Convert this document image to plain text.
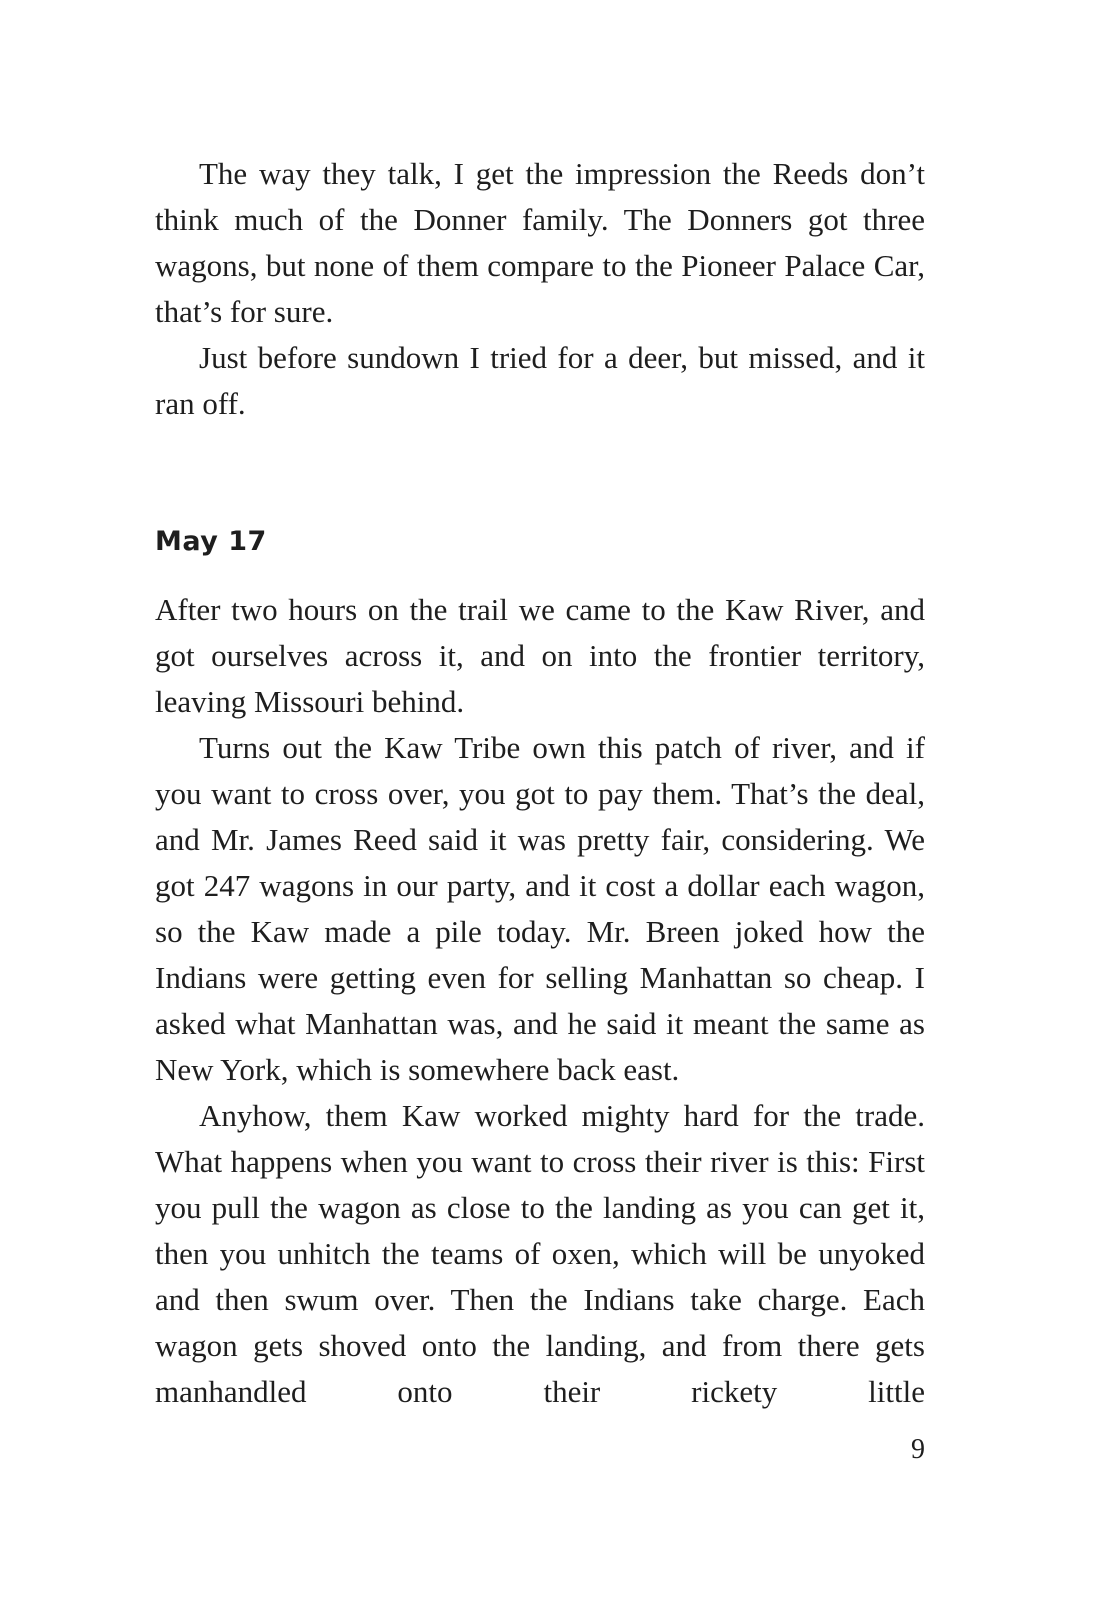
The way they talk, I get the impression the Reeds don’t think much of the Donner family. The Donners got three wagons, but none of them compare to the Pioneer Palace Car, that’s for sure.

Just before sundown I tried for a deer, but missed, and it ran off.

May 17

After two hours on the trail we came to the Kaw River, and got ourselves across it, and on into the frontier territory, leaving Missouri behind.

Turns out the Kaw Tribe own this patch of river, and if you want to cross over, you got to pay them. That’s the deal, and Mr. James Reed said it was pretty fair, considering. We got 247 wagons in our party, and it cost a dollar each wagon, so the Kaw made a pile today. Mr. Breen joked how the Indians were getting even for selling Manhattan so cheap. I asked what Manhattan was, and he said it meant the same as New York, which is somewhere back east.

Anyhow, them Kaw worked mighty hard for the trade. What happens when you want to cross their river is this: First you pull the wagon as close to the landing as you can get it, then you unhitch the teams of oxen, which will be unyoked and then swum over. Then the Indians take charge. Each wagon gets shoved onto the landing, and from there gets manhandled onto their rickety little

9
